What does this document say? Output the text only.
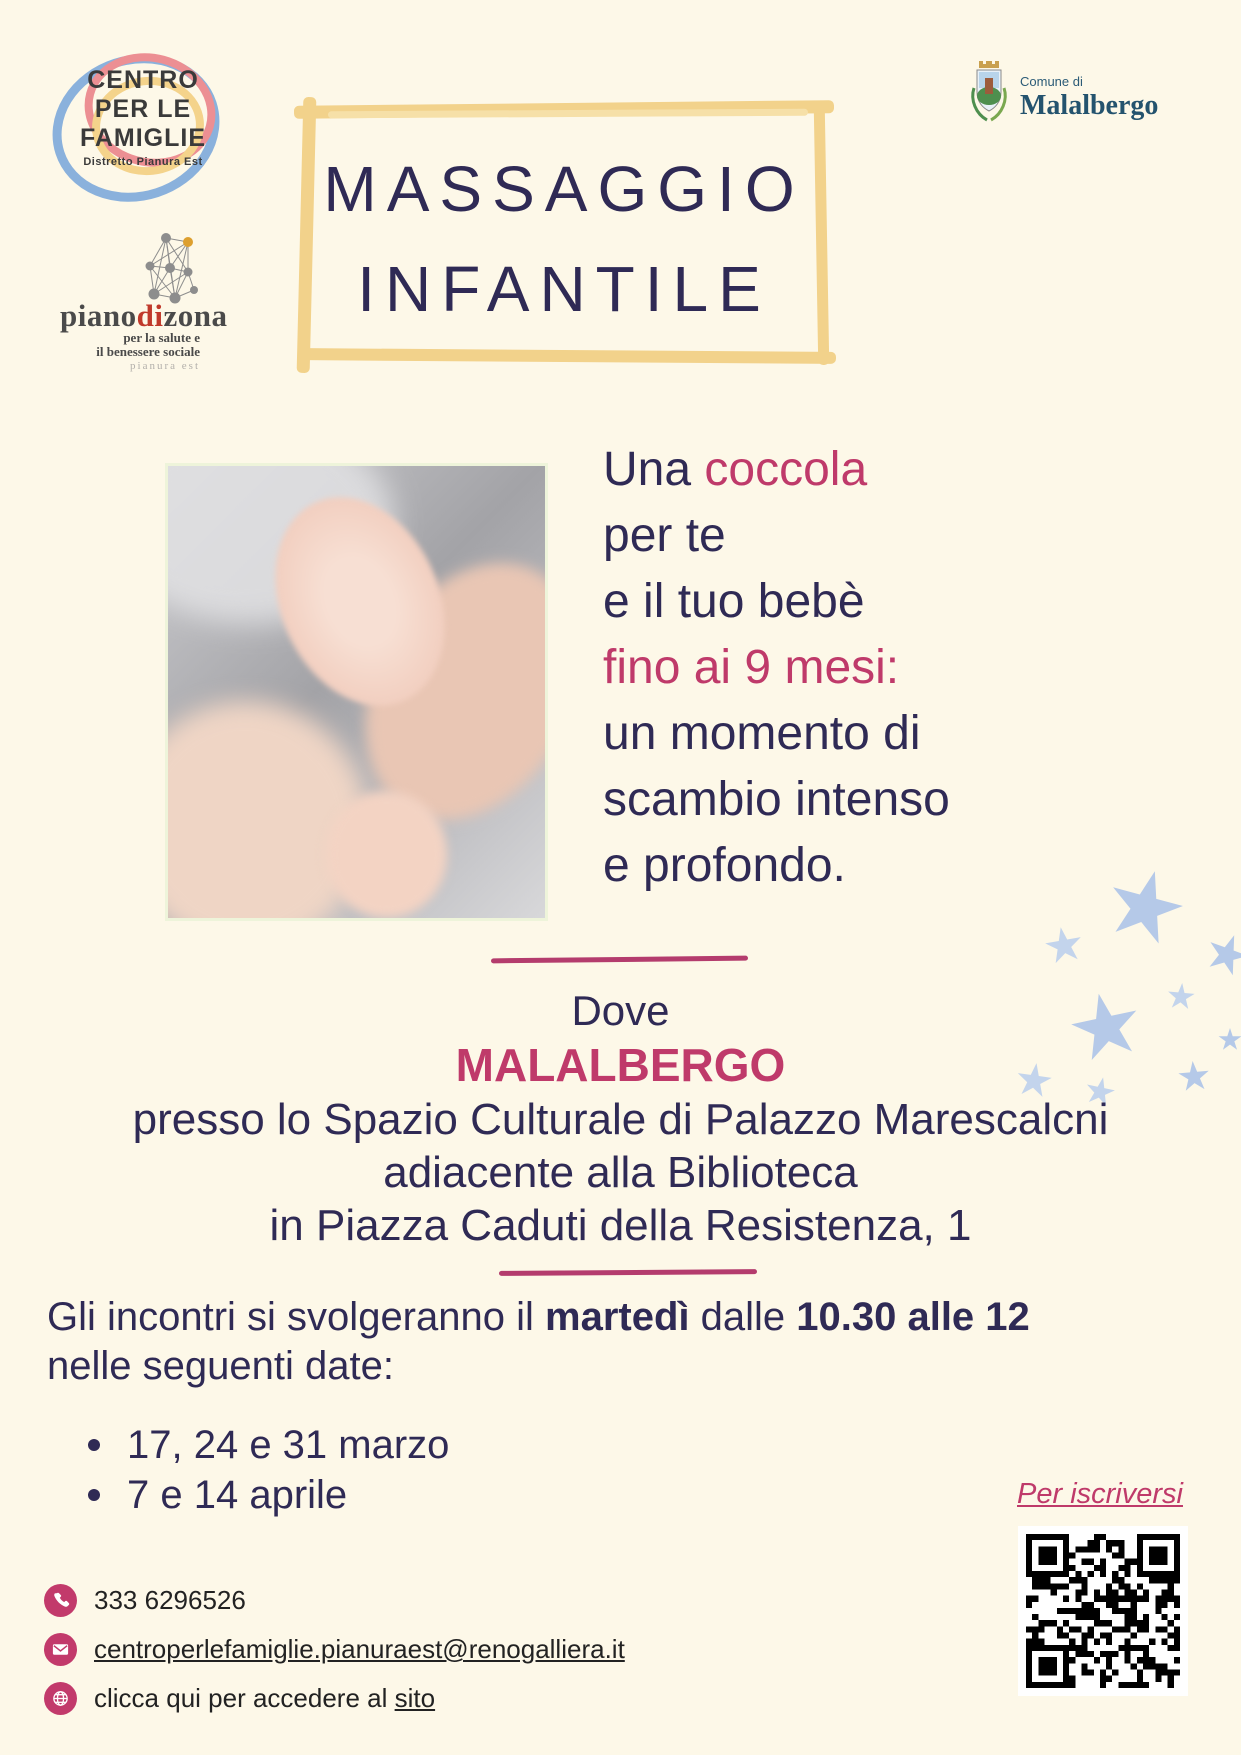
CENTRO
PER LE
FAMIGLIE
Distretto Pianura Est
pianodizona
per la salute e
il benessere sociale
pianura est
Comune di
Malalbergo
MASSAGGIO
INFANTILE
Una coccola
per te
e il tuo bebè
fino ai 9 mesi:
un momento di
scambio intenso
e profondo.
Dove
MALALBERGO
presso lo Spazio Culturale di Palazzo Marescalcni
adiacente alla Biblioteca
in Piazza Caduti della Resistenza, 1
Gli incontri si svolgeranno il martedì dalle 10.30 alle 12
nelle seguenti date:
17, 24 e 31 marzo
7 e 14 aprile	Per iscriversi
333 6296526
centroperlefamiglie.pianuraest@renogalliera.it
clicca qui per accedere al sito
